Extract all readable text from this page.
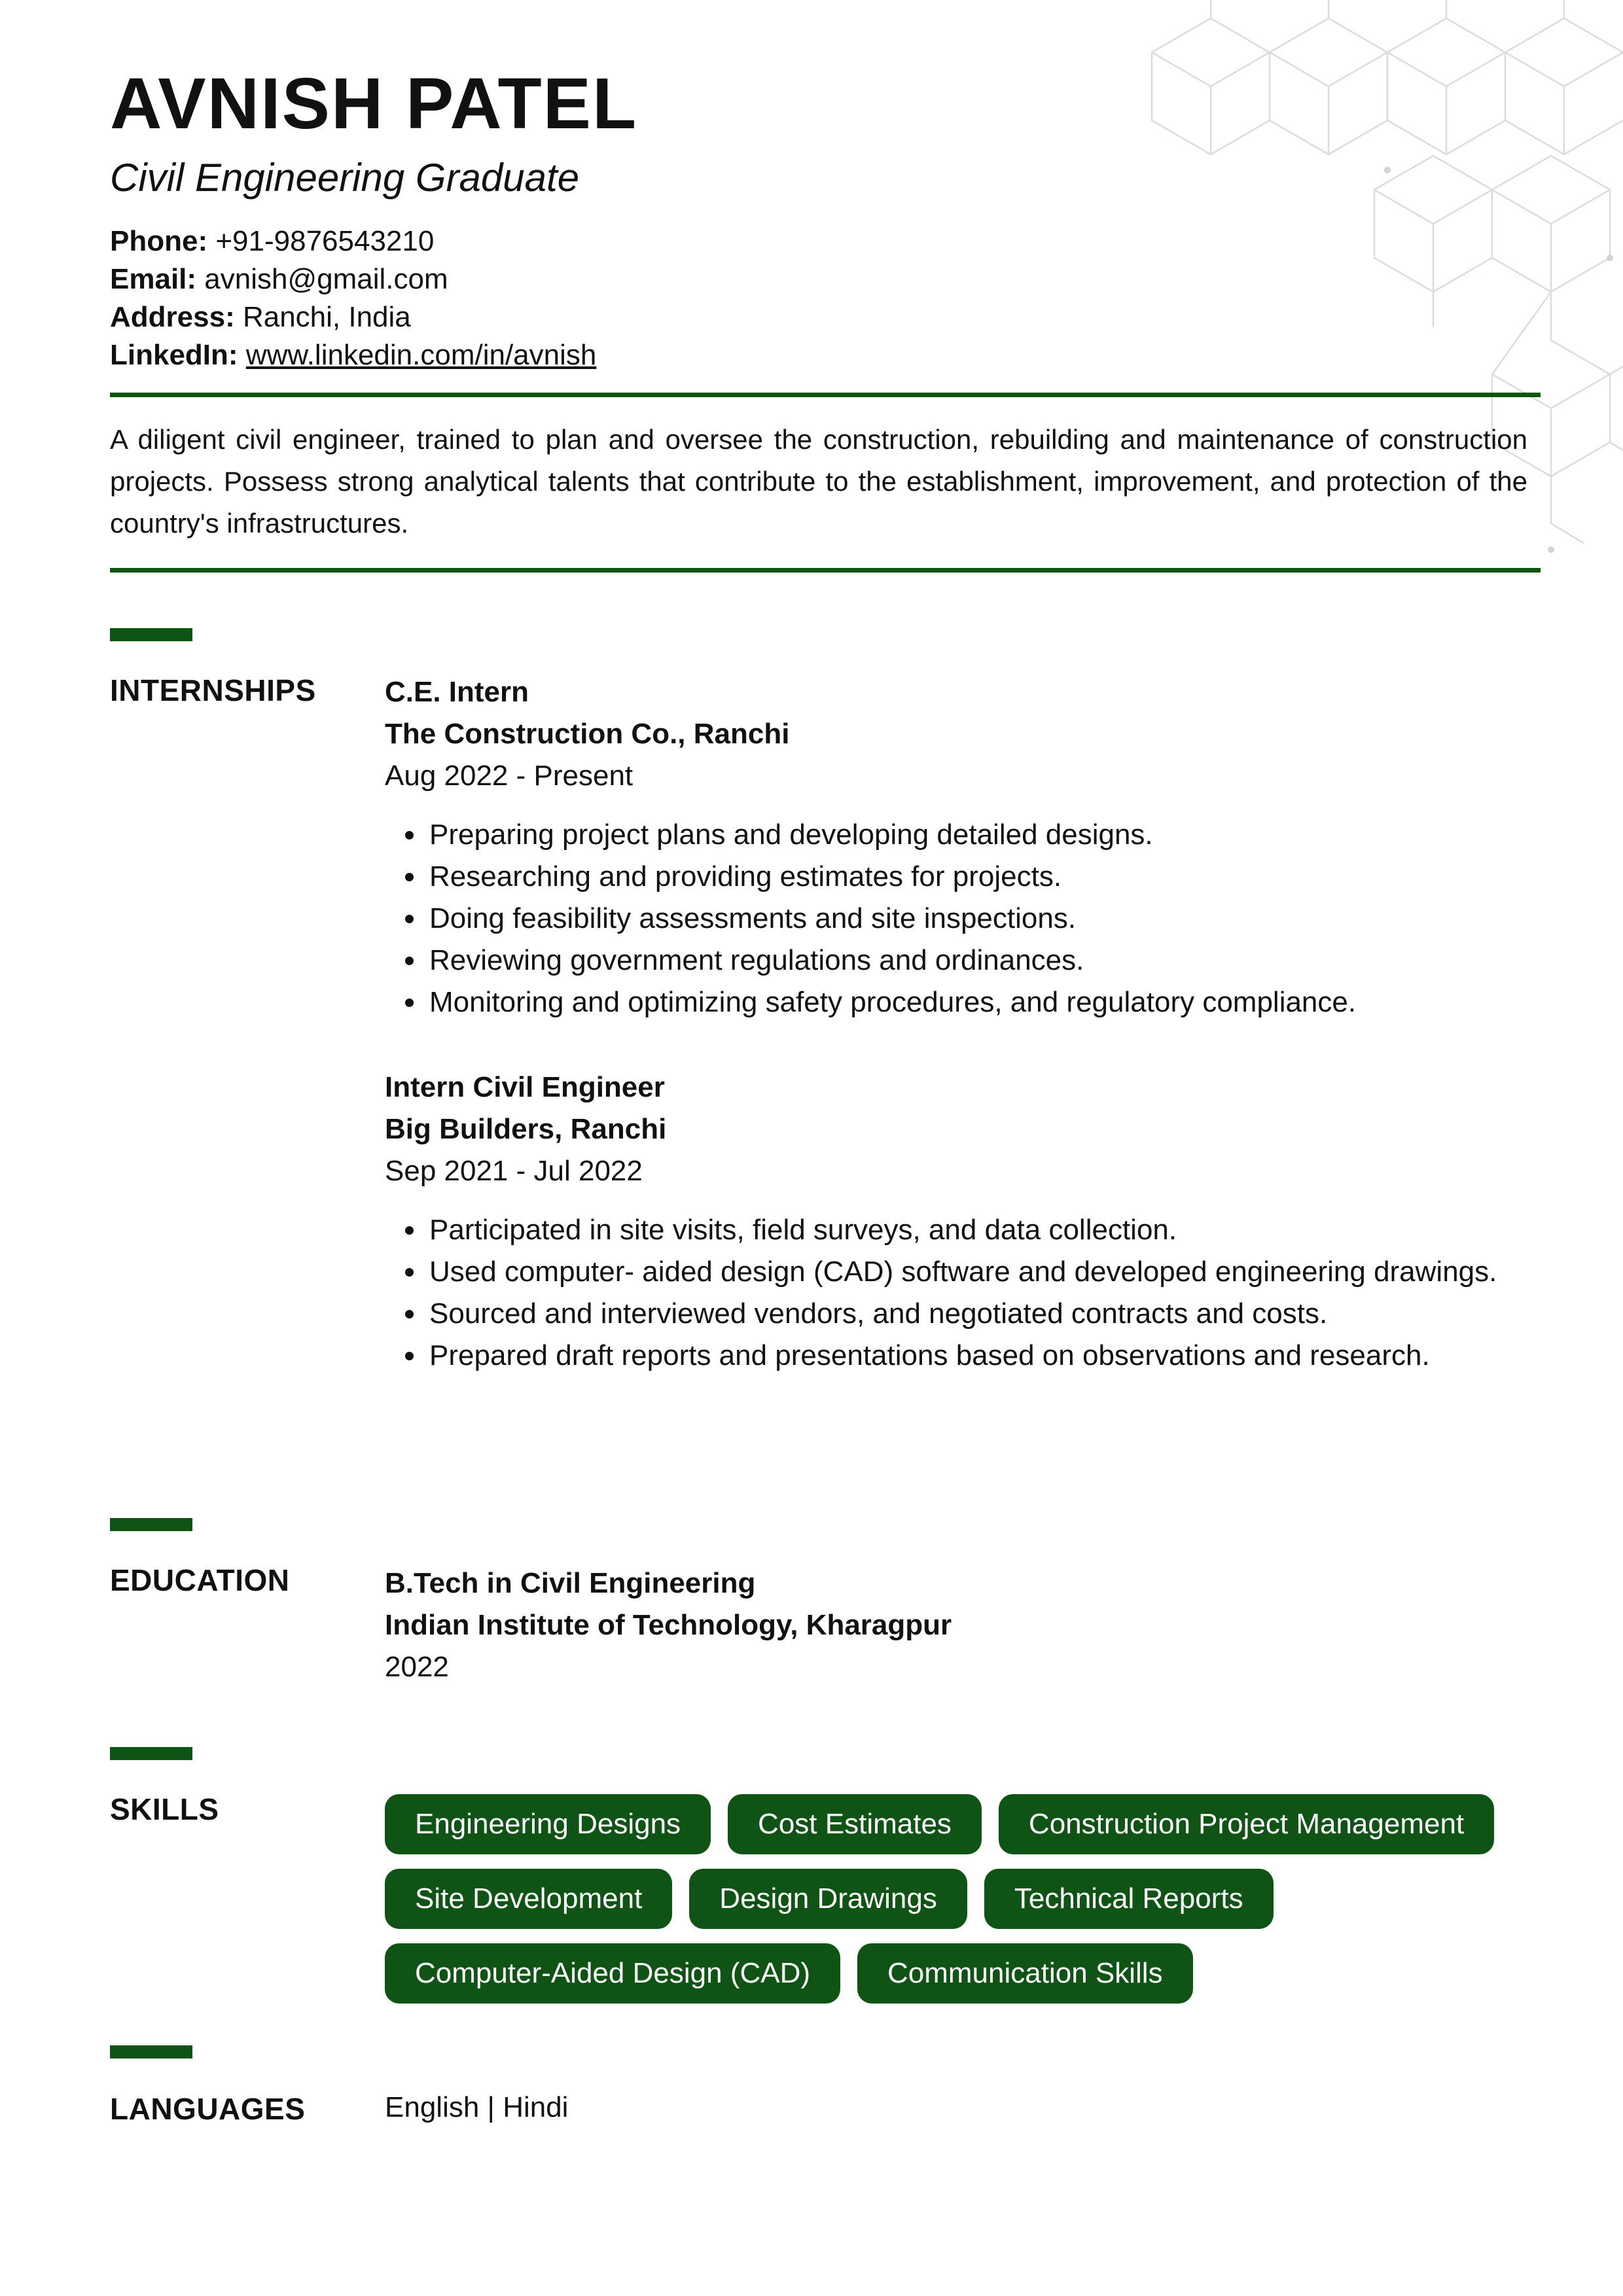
AVNISH PATEL
Civil Engineering Graduate
Phone: +91-9876543210
Email: avnish@gmail.com
Address: Ranchi, India
LinkedIn: www.linkedin.com/in/avnish
A diligent civil engineer, trained to plan and oversee the construction, rebuilding and maintenance of construction projects. Possess strong analytical talents that contribute to the establishment, improvement, and protection of the country's infrastructures.
INTERNSHIPS C.E. Intern
The Construction Co., Ranchi
Aug 2022 - Present
• Preparing project plans and developing detailed designs.
• Researching and providing estimates for projects.
• Doing feasibility assessments and site inspections.
• Reviewing government regulations and ordinances.
• Monitoring and optimizing safety procedures, and regulatory compliance.
Intern Civil Engineer
Big Builders, Ranchi
Sep 2021 - Jul 2022
• Participated in site visits, field surveys, and data collection.
• Used computer- aided design (CAD) software and developed engineering drawings.
• Sourced and interviewed vendors, and negotiated contracts and costs.
• Prepared draft reports and presentations based on observations and research.
EDUCATION	B.Tech in Civil Engineering
Indian Institute of Technology, Kharagpur
2022
SKILLS	Engineering Designs	Cost Estimates	Construction Project Management
Site Development	Design Drawings	Technical Reports
Computer-Aided Design (CAD)	Communication Skills
LANGUAGES	English | Hindi
